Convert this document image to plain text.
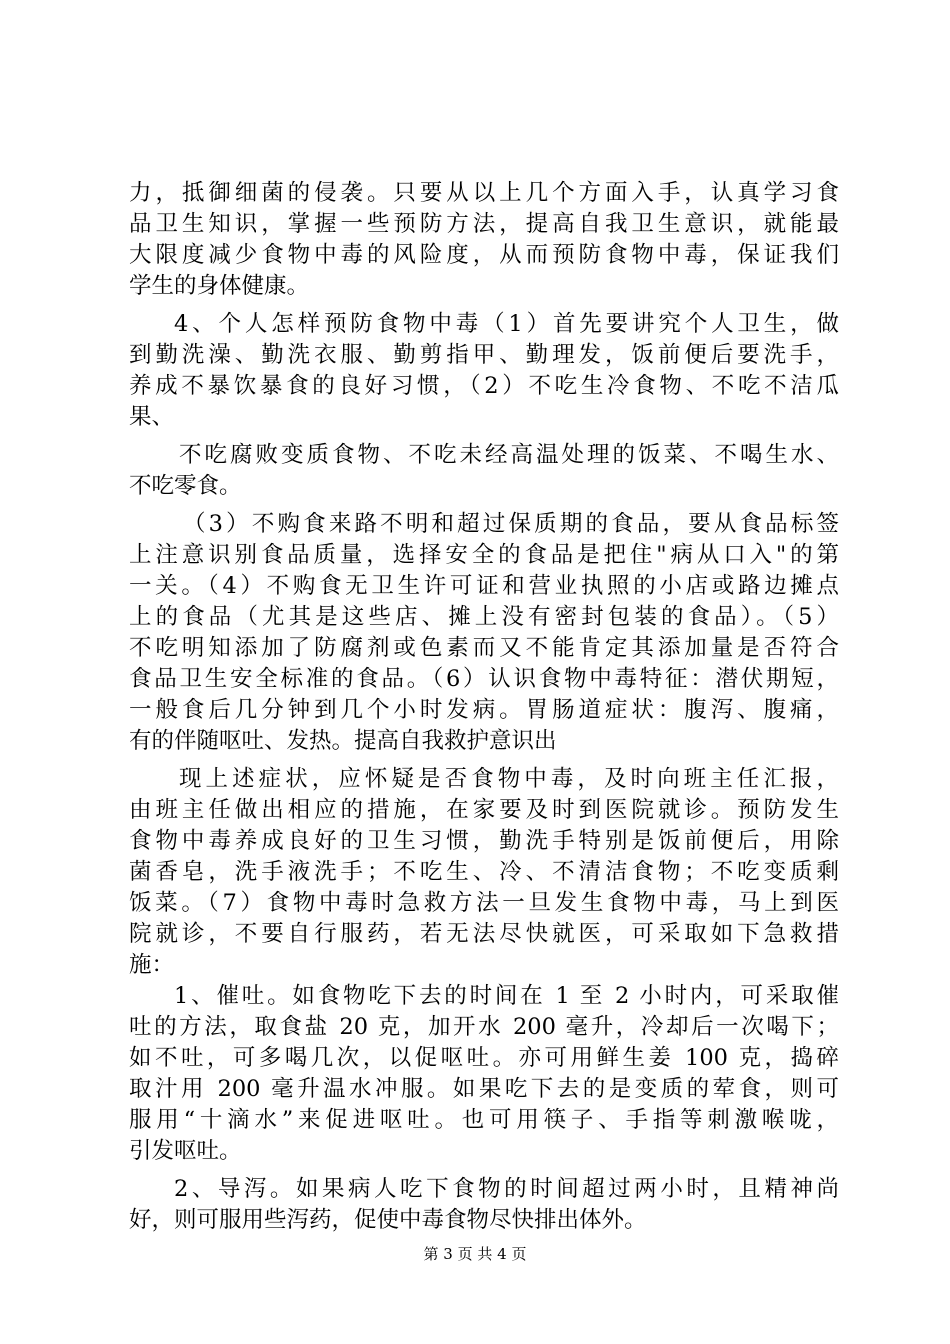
力，抵御细菌的侵袭。只要从以上几个方面入手，认真学习食
品卫生知识，掌握一些预防方法，提高自我卫生意识，就能最
大限度减少食物中毒的风险度，从而预防食物中毒，保证我们
学生的身体健康。
4、个人怎样预防食物中毒（1）首先要讲究个人卫生，做
到勤洗澡、勤洗衣服、勤剪指甲、勤理发，饭前便后要洗手，
养成不暴饮暴食的良好习惯，（2）不吃生冷食物、不吃不洁瓜
果、
不吃腐败变质食物、不吃未经高温处理的饭菜、不喝生水、
不吃零食。
（3）不购食来路不明和超过保质期的食品，要从食品标签
上注意识别食品质量，选择安全的食品是把住"病从口入"的第
一关。（4）不购食无卫生许可证和营业执照的小店或路边摊点
上的食品（尤其是这些店、摊上没有密封包装的食品）。（5）
不吃明知添加了防腐剂或色素而又不能肯定其添加量是否符合
食品卫生安全标准的食品。（6）认识食物中毒特征：潜伏期短，
一般食后几分钟到几个小时发病。胃肠道症状：腹泻、腹痛，
有的伴随呕吐、发热。提高自我救护意识出
现上述症状，应怀疑是否食物中毒，及时向班主任汇报，
由班主任做出相应的措施，在家要及时到医院就诊。预防发生
食物中毒养成良好的卫生习惯，勤洗手特别是饭前便后，用除
菌香皂，洗手液洗手；不吃生、冷、不清洁食物；不吃变质剩
饭菜。（7）食物中毒时急救方法一旦发生食物中毒，马上到医
院就诊，不要自行服药，若无法尽快就医，可采取如下急救措
施：
1、催吐。如食物吃下去的时间在 1 至 2 小时内，可采取催
吐的方法，取食盐 20 克，加开水 200 毫升，冷却后一次喝下；
如不吐，可多喝几次，以促呕吐。亦可用鲜生姜 100 克，捣碎
取汁用 200 毫升温水冲服。如果吃下去的是变质的荤食，则可
服用“十滴水”来促进呕吐。也可用筷子、手指等刺激喉咙，
引发呕吐。
2、导泻。如果病人吃下食物的时间超过两小时，且精神尚
好，则可服用些泻药，促使中毒食物尽快排出体外。
第 3 页 共 4 页
